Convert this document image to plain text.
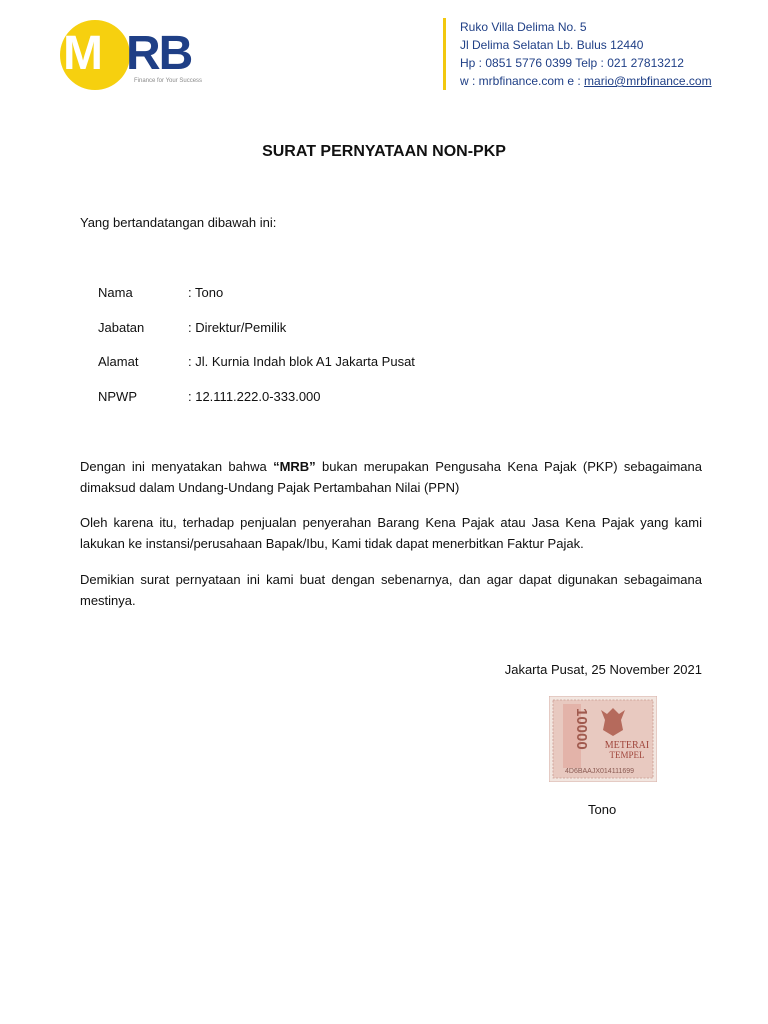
M RB
Finance for Your Success
Ruko Villa Delima No. 5
Jl Delima Selatan Lb. Bulus 12440
Hp : 0851 5776 0399 Telp : 021 27813212
w : mrbfinance.com e : mario@mrbfinance.com
SURAT PERNYATAAN NON-PKP
Yang bertandatangan dibawah ini:
Nama	: Tono
Jabatan	: Direktur/Pemilik
Alamat	: Jl. Kurnia Indah blok A1 Jakarta Pusat
NPWP	: 12.111.222.0-333.000
Dengan ini menyatakan bahwa “MRB” bukan merupakan Pengusaha Kena Pajak (PKP) sebagaimana dimaksud dalam Undang-Undang Pajak Pertambahan Nilai (PPN)
Oleh karena itu, terhadap penjualan penyerahan Barang Kena Pajak atau Jasa Kena Pajak yang kami lakukan ke instansi/perusahaan Bapak/Ibu, Kami tidak dapat menerbitkan Faktur Pajak.
Demikian surat pernyataan ini kami buat dengan sebenarnya, dan agar dapat digunakan sebagaimana mestinya.
Jakarta Pusat, 25 November 2021
10000 METERAI
TEMPEL
4D6BAAJX014111699
Tono
